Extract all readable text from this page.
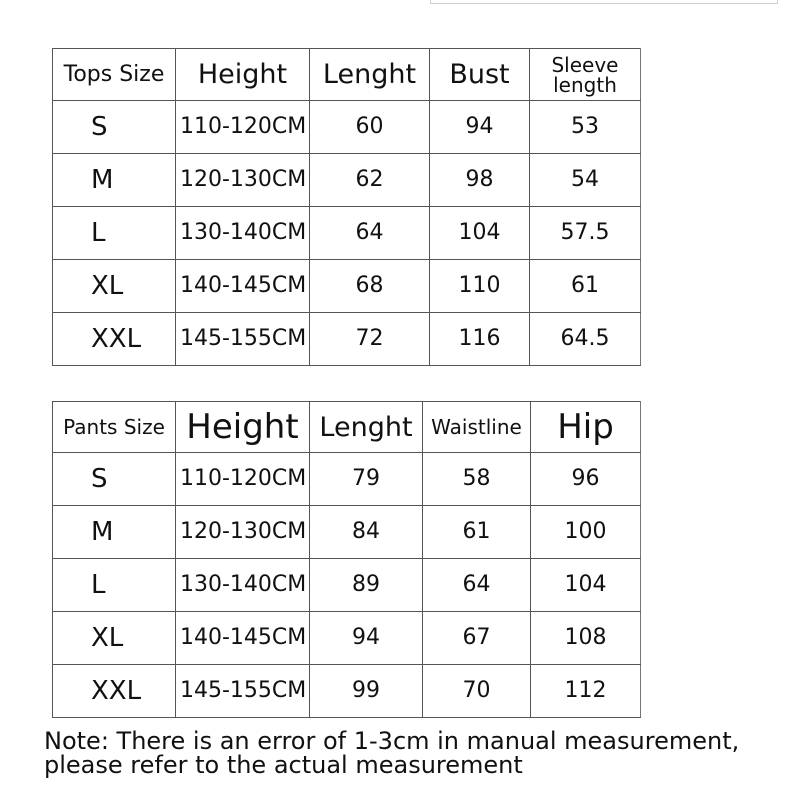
Tops Size	Height	Lenght	Bust	Sleeve
length

S	110-120CM	60	94	53
M	120-130CM	62	98	54
L	130-140CM	64	104	57.5
XL	140-145CM	68	110	61
XXL	145-155CM	72	116	64.5
Pants Size	Height	Lenght	Waistline	Hip
S	110-120CM	79	58	96
M	120-130CM	84	61	100
L	130-140CM	89	64	104
XL	140-145CM	94	67	108
XXL	145-155CM	99	70	112
Note: There is an error of 1-3cm in manual measurement,
please refer to the actual measurement
